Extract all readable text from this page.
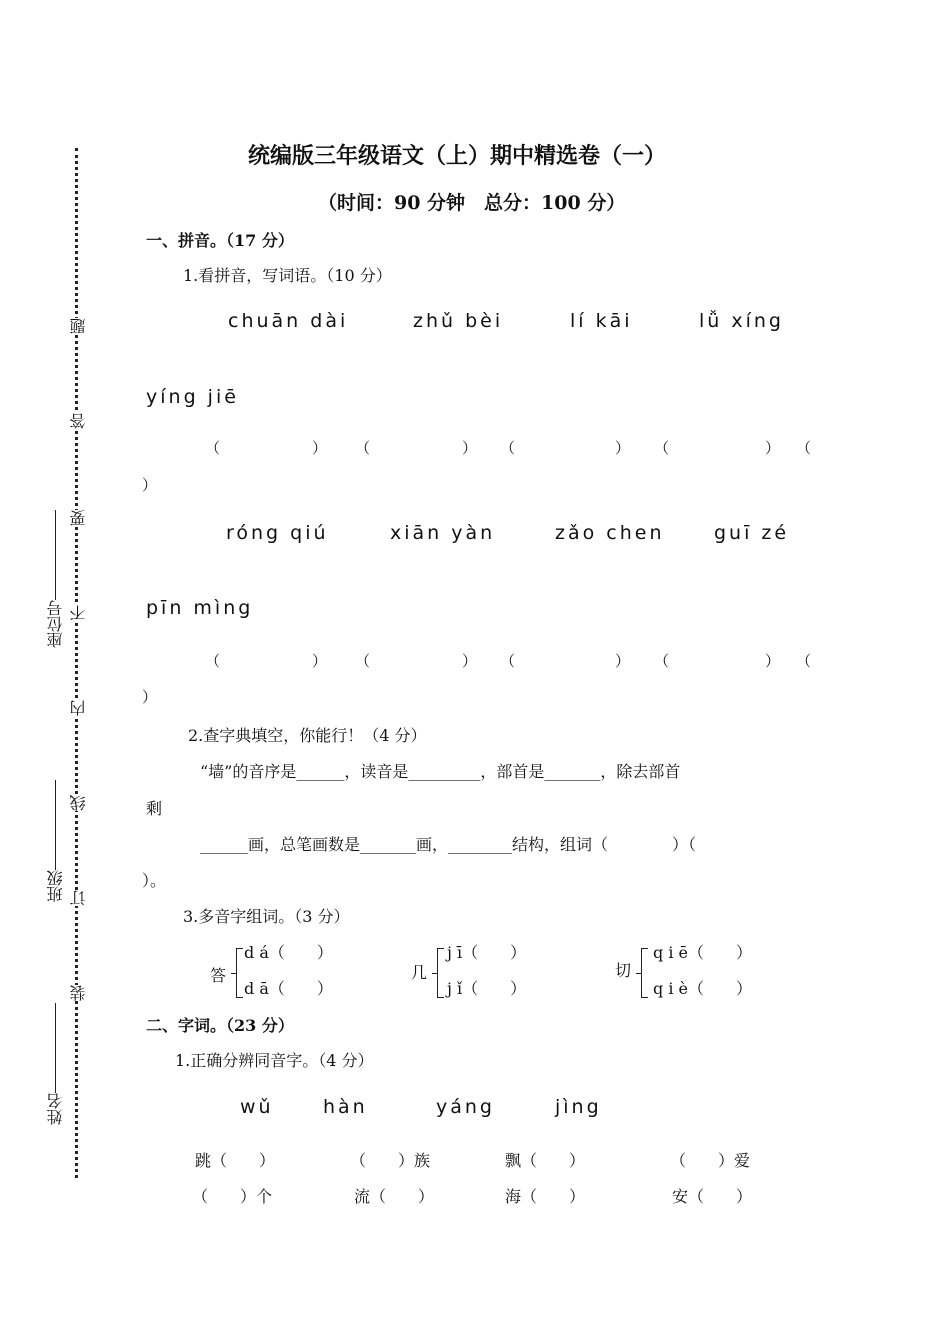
姓名
班级
座位号
装
订
线
内
不
要
答
题
统编版三年级语文（上）期中精选卷（一）
（时间：90 分钟　总分：100 分）
一、拼音。（17 分）
1.看拼音，写词语。（10 分）
chuān dài	zhǔ bèi	lí kāi	lǚ xíng
yíng jiē
（	） （	） （	） （	） （
）
róng qiú	xiān yàn	zǎo chen	guī zé
pīn mìng
（	） （	） （	） （	） （
）
2.查字典填空，你能行！（4 分）
“墙”的音序是______，读音是_________，部首是_______，除去部首
剩
______画，总笔画数是_______画，________结构，组词（　　　　）（
）。
3.多音字组词。（3 分）
答
d á（　　）
d ā（　　）
几
j ī（　　）
j ǐ（　　）
切
q i ē（　　）
q i è（　　）
二、字词。（23 分）
1.正确分辨同音字。（4 分）
wǔ	hàn	yáng	jìng
跳（　　）	（　　）族	飘（　　）	（　　）爱
（　　）个	流（　　）	海（　　）	安（　　）
